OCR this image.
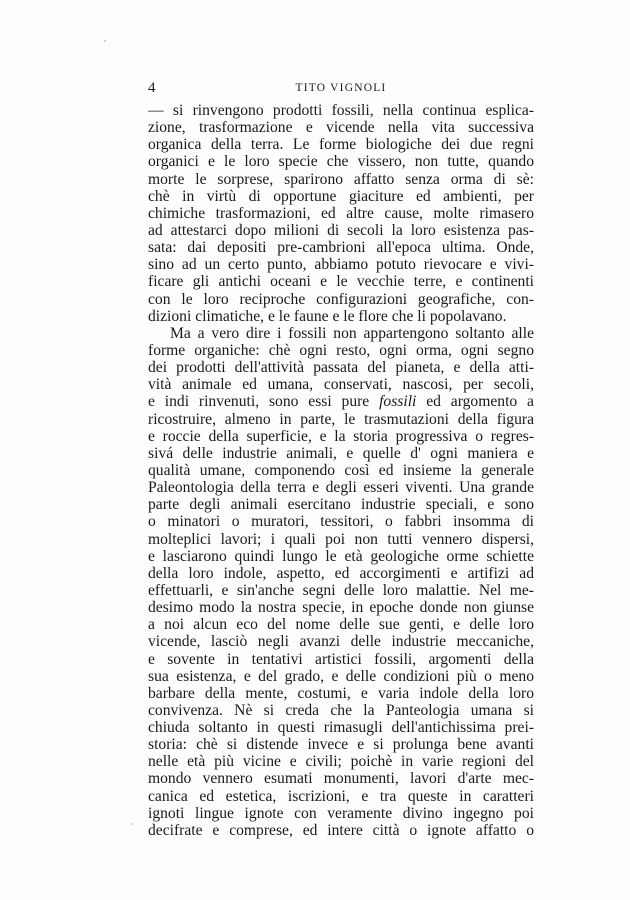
4	TITO VIGNOLI
— si rinvengono prodotti fossili, nella continua esplica-
zione, trasformazione e vicende nella vita successiva
organica della terra. Le forme biologiche dei due regni
organici e le loro specie che vissero, non tutte, quando
morte le sorprese, sparirono affatto senza orma di sè:
chè in virtù di opportune giaciture ed ambienti, per
chimiche trasformazioni, ed altre cause, molte rimasero
ad attestarci dopo milioni di secoli la loro esistenza pas-
sata: dai depositi pre-cambrioni all'epoca ultima. Onde,
sino ad un certo punto, abbiamo potuto rievocare e vivi-
ficare gli antichi oceani e le vecchie terre, e continenti
con le loro reciproche configurazioni geografiche, con-
dizioni climatiche, e le faune e le flore che li popolavano.
Ma a vero dire i fossili non appartengono soltanto alle
forme organiche: chè ogni resto, ogni orma, ogni segno
dei prodotti dell'attività passata del pianeta, e della atti-
vità animale ed umana, conservati, nascosi, per secoli,
e indi rinvenuti, sono essi pure fossili ed argomento a
ricostruire, almeno in parte, le trasmutazioni della figura
e roccie della superficie, e la storia progressiva o regres-
sivá delle industrie animali, e quelle d' ogni maniera e
qualità umane, componendo così ed insieme la generale
Paleontologia della terra e degli esseri viventi. Una grande
parte degli animali esercitano industrie speciali, e sono
o minatori o muratori, tessitori, o fabbri insomma di
molteplici lavori; i quali poi non tutti vennero dispersi,
e lasciarono quindi lungo le età geologiche orme schiette
della loro indole, aspetto, ed accorgimenti e artifizi ad
effettuarli, e sin'anche segni delle loro malattie. Nel me-
desimo modo la nostra specie, in epoche donde non giunse
a noi alcun eco del nome delle sue genti, e delle loro
vicende, lasciò negli avanzi delle industrie meccaniche,
e sovente in tentativi artistici fossili, argomenti della
sua esistenza, e del grado, e delle condizioni più o meno
barbare della mente, costumi, e varia indole della loro
convivenza. Nè si creda che la Panteologia umana si
chiuda soltanto in questi rimasugli dell'antichissima prei-
storia: chè si distende invece e si prolunga bene avanti
nelle età più vicine e civili; poichè in varie regioni del
mondo vennero esumati monumenti, lavori d'arte mec-
canica ed estetica, iscrizioni, e tra queste in caratteri
ignoti lingue ignote con veramente divino ingegno poi
decifrate e comprese, ed intere città o ignote affatto o
